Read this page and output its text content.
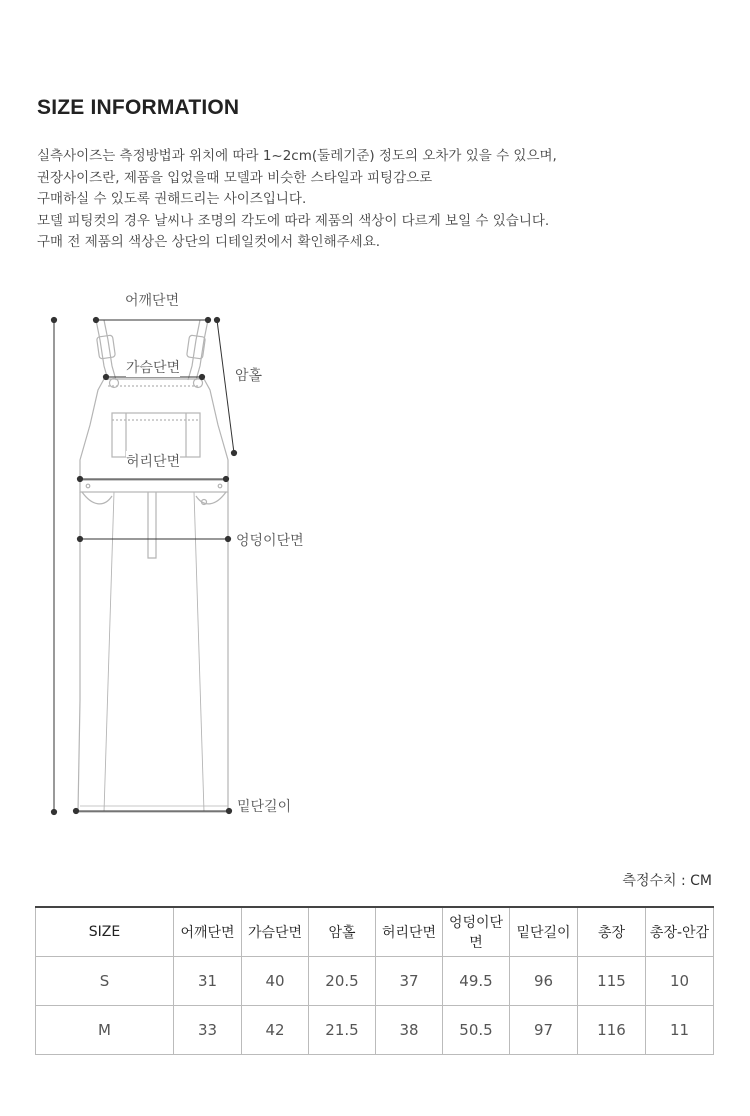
SIZE INFORMATION
실측사이즈는 측정방법과 위치에 따라 1~2cm(둘레기준) 정도의 오차가 있을 수 있으며,
권장사이즈란, 제품을 입었을때 모델과 비슷한 스타일과 피팅감으로
구매하실 수 있도록 권해드리는 사이즈입니다.
모델 피팅컷의 경우 날씨나 조명의 각도에 따라 제품의 색상이 다르게 보일 수 있습니다.
구매 전 제품의 색상은 상단의 디테일컷에서 확인해주세요.
어깨단면
가슴단면	암홀
허리단면
엉덩이단면
밑단길이
측정수치 : CM
SIZE	어깨단면	가슴단면	암홀	허리단면	엉덩이단면	밑단길이	총장	총장-안감
S	31	40	20.5	37	49.5	96	115	10
M	33	42	21.5	38	50.5	97	116	11
